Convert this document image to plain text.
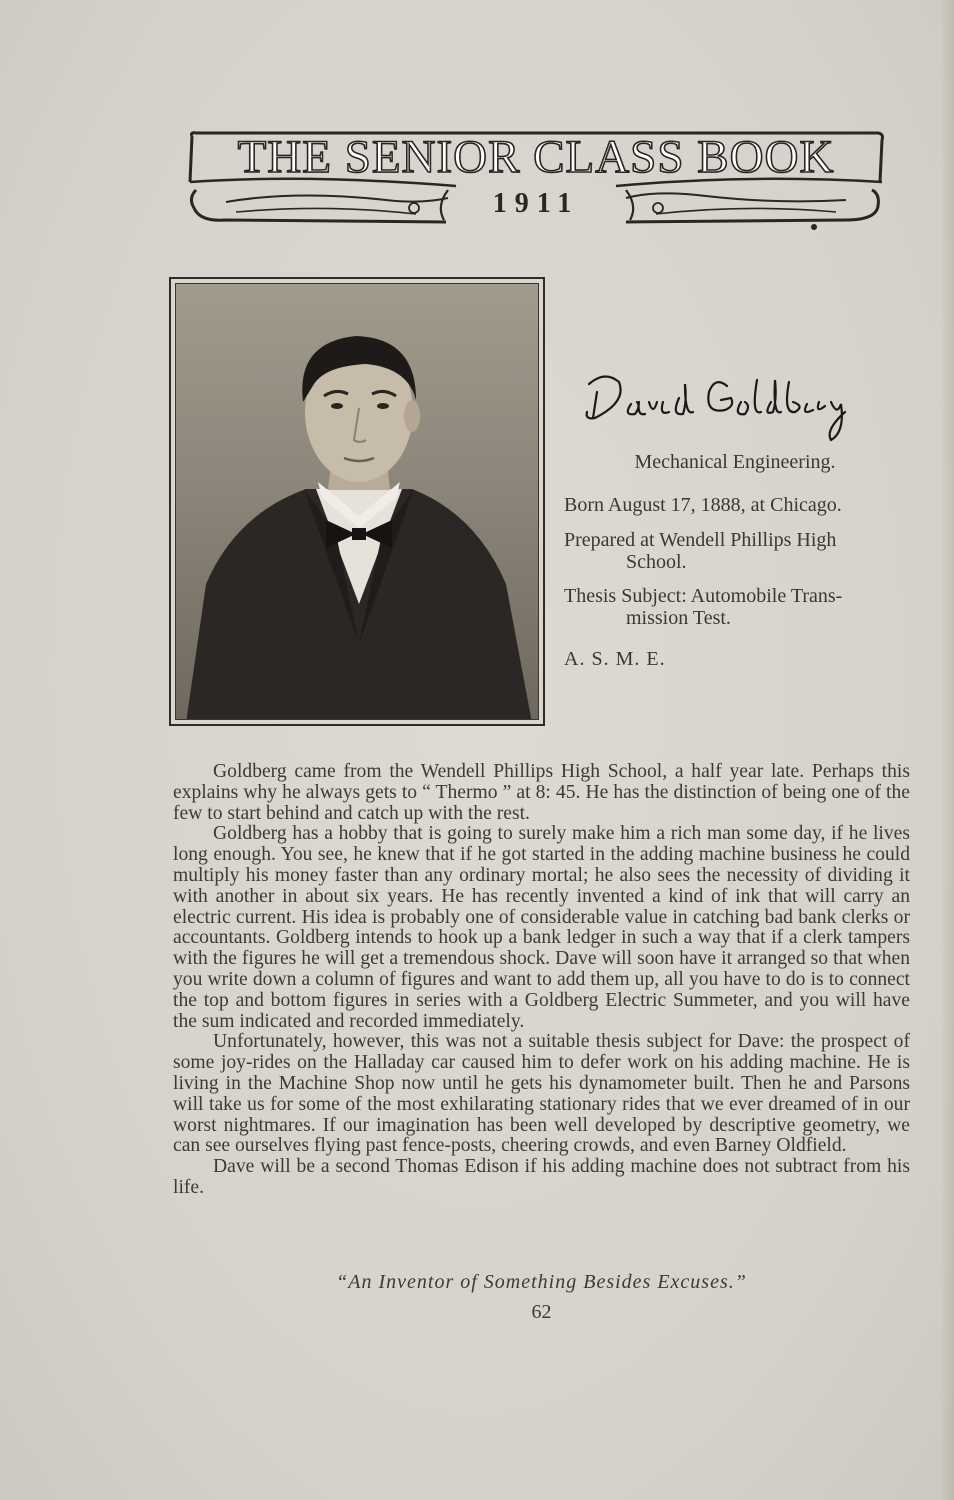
THE SENIOR CLASS BOOK
1911
Mechanical Engineering.
Born August 17, 1888, at Chicago.
Prepared at Wendell Phillips High
School.
Thesis Subject: Automobile Trans-
mission Test.
A. S. M. E.

Goldberg came from the Wendell Phillips High School, a half year late. Perhaps this explains why he always gets to “ Thermo ” at 8: 45. He has the distinction of being one of the few to start behind and catch up with the rest.

Goldberg has a hobby that is going to surely make him a rich man some day, if he lives long enough. You see, he knew that if he got started in the adding machine business he could multiply his money faster than any ordinary mortal; he also sees the necessity of dividing it with another in about six years. He has recently invented a kind of ink that will carry an electric current. His idea is probably one of considerable value in catching bad bank clerks or accountants. Goldberg intends to hook up a bank ledger in such a way that if a clerk tampers with the figures he will get a tremendous shock. Dave will soon have it arranged so that when you write down a column of figures and want to add them up, all you have to do is to connect the top and bottom figures in series with a Goldberg Electric Summeter, and you will have the sum indicated and recorded immediately.

Unfortunately, however, this was not a suitable thesis subject for Dave: the prospect of some joy-rides on the Halladay car caused him to defer work on his adding machine. He is living in the Machine Shop now until he gets his dynamometer built. Then he and Parsons will take us for some of the most exhilarating stationary rides that we ever dreamed of in our worst nightmares. If our imagination has been well developed by descriptive geometry, we can see ourselves flying past fence-posts, cheering crowds, and even Barney Oldfield.

Dave will be a second Thomas Edison if his adding machine does not subtract from his life.

“An Inventor of Something Besides Excuses.”
62
